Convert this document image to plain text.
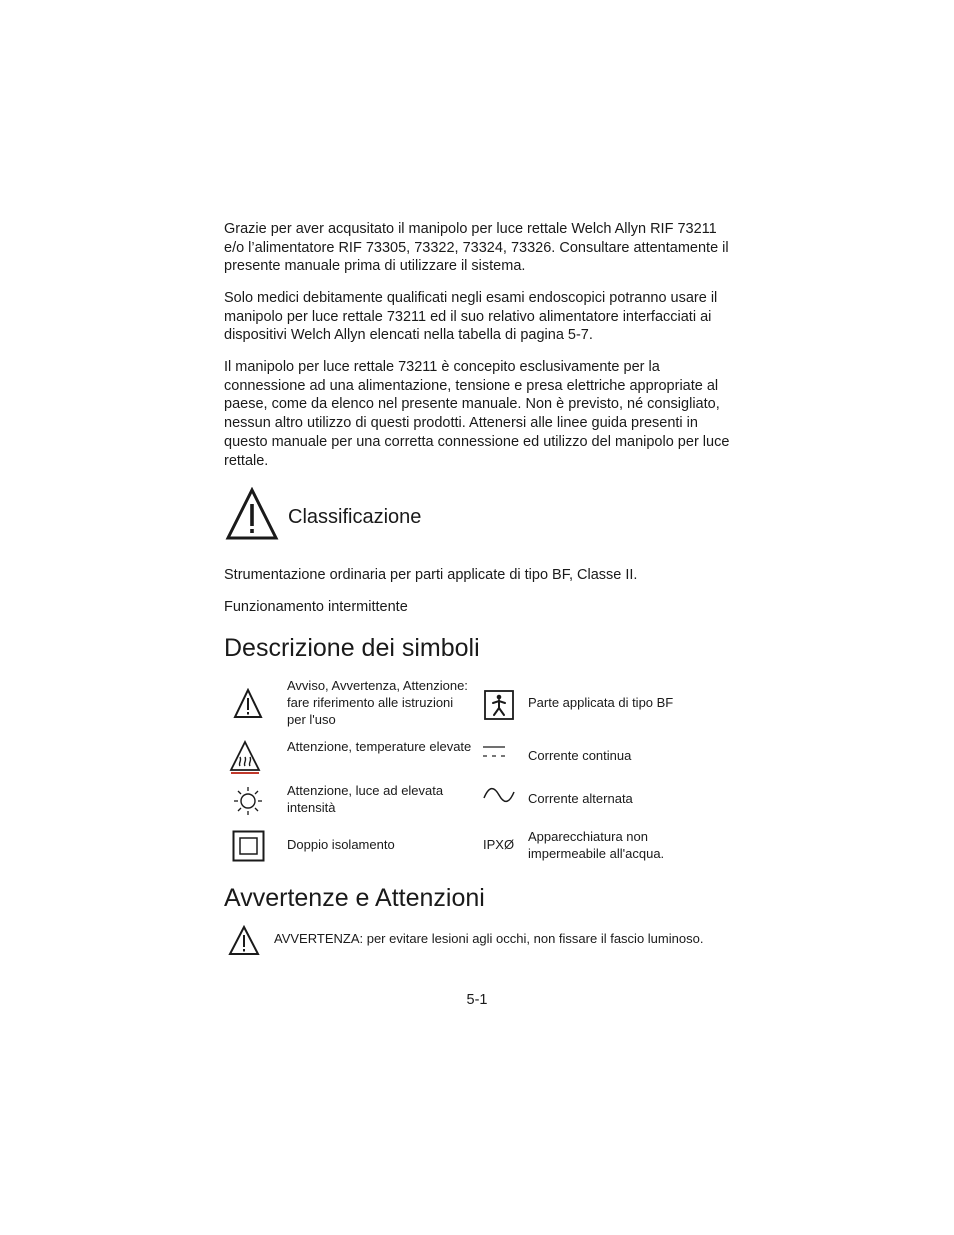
Grazie per aver acqusitato il manipolo per luce rettale Welch Allyn RIF 73211 e/o l’alimentatore RIF 73305, 73322, 73324, 73326. Consultare attentamente il presente manuale prima di utilizzare il sistema.

Solo medici debitamente qualificati negli esami endoscopici potranno usare il manipolo per luce rettale 73211 ed il suo relativo alimentatore interfacciati ai dispositivi Welch Allyn elencati nella tabella di pagina 5-7.

Il manipolo per luce rettale 73211 è concepito esclusivamente per la connessione ad una alimentazione, tensione e presa elettriche appropriate al paese, come da elenco nel presente manuale. Non è previsto, né consigliato, nessun altro utilizzo di questi prodotti. Attenersi alle linee guida presenti in questo manuale per una corretta connessione ed utilizzo del manipolo per luce rettale.

Classificazione

Strumentazione ordinaria per parti applicate di tipo BF, Classe II.

Funzionamento intermittente

Descrizione dei simboli

Avviso, Avvertenza, Attenzione: fare riferimento alle istruzioni per l'uso

Attenzione, temperature elevate

Attenzione, luce ad elevata intensità

Doppio isolamento

Parte applicata di tipo BF

Corrente continua

Corrente alternata

IPXØ

Apparecchiatura non impermeabile all'acqua.

Avvertenze e Attenzioni

AVVERTENZA: per evitare lesioni agli occhi, non fissare il fascio luminoso.

5-1
